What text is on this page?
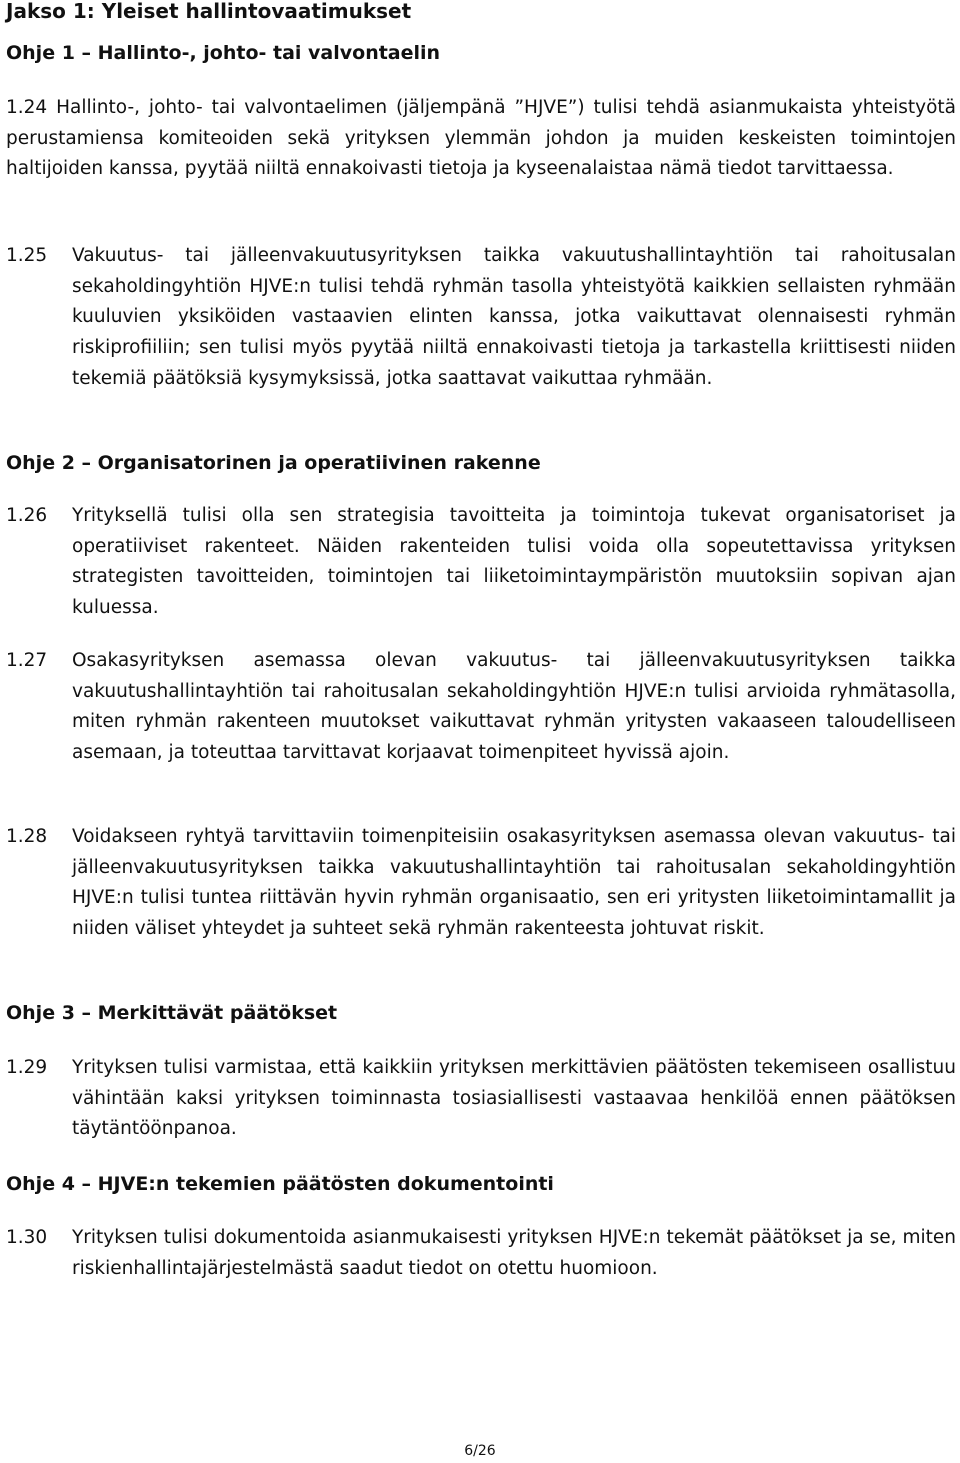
Jakso 1: Yleiset hallintovaatimukset
Ohje 1 – Hallinto-, johto- tai valvontaelin

1.24 Hallinto-, johto- tai valvontaelimen (jäljempänä ”HJVE”) tulisi tehdä asianmukaista yhteistyötä perustamiensa komiteoiden sekä yrityksen ylemmän johdon ja muiden keskeisten toimintojen haltijoiden kanssa, pyytää niiltä ennakoivasti tietoja ja kyseenalaistaa nämä tiedot tarvittaessa.

1.25 Vakuutus- tai jälleenvakuutusyrityksen taikka vakuutushallintayhtiön tai rahoitusalan sekaholdingyhtiön HJVE:n tulisi tehdä ryhmän tasolla yhteistyötä kaikkien sellaisten ryhmään kuuluvien yksiköiden vastaavien elinten kanssa, jotka vaikuttavat olennaisesti ryhmän riskiprofiiliin; sen tulisi myös pyytää niiltä ennakoivasti tietoja ja tarkastella kriittisesti niiden tekemiä päätöksiä kysymyksissä, jotka saattavat vaikuttaa ryhmään.
Ohje 2 – Organisatorinen ja operatiivinen rakenne
1.26 Yrityksellä tulisi olla sen strategisia tavoitteita ja toimintoja tukevat organisatoriset ja operatiiviset rakenteet. Näiden rakenteiden tulisi voida olla sopeutettavissa yrityksen strategisten tavoitteiden, toimintojen tai liiketoimintaympäristön muutoksiin sopivan ajan kuluessa.
1.27 Osakasyrityksen asemassa olevan vakuutus- tai jälleenvakuutusyrityksen taikka vakuutushallintayhtiön tai rahoitusalan sekaholdingyhtiön HJVE:n tulisi arvioida ryhmätasolla, miten ryhmän rakenteen muutokset vaikuttavat ryhmän yritysten vakaaseen taloudelliseen asemaan, ja toteuttaa tarvittavat korjaavat toimenpiteet hyvissä ajoin.
1.28 Voidakseen ryhtyä tarvittaviin toimenpiteisiin osakasyrityksen asemassa olevan vakuutus- tai jälleenvakuutusyrityksen taikka vakuutushallintayhtiön tai rahoitusalan sekaholdingyhtiön HJVE:n tulisi tuntea riittävän hyvin ryhmän organisaatio, sen eri yritysten liiketoimintamallit ja niiden väliset yhteydet ja suhteet sekä ryhmän rakenteesta johtuvat riskit.
Ohje 3 – Merkittävät päätökset
1.29 Yrityksen tulisi varmistaa, että kaikkiin yrityksen merkittävien päätösten tekemiseen osallistuu vähintään kaksi yrityksen toiminnasta tosiasiallisesti vastaavaa henkilöä ennen päätöksen täytäntöönpanoa.
Ohje 4 – HJVE:n tekemien päätösten dokumentointi
1.30 Yrityksen tulisi dokumentoida asianmukaisesti yrityksen HJVE:n tekemät päätökset ja se, miten riskienhallintajärjestelmästä saadut tiedot on otettu huomioon.
6/26
